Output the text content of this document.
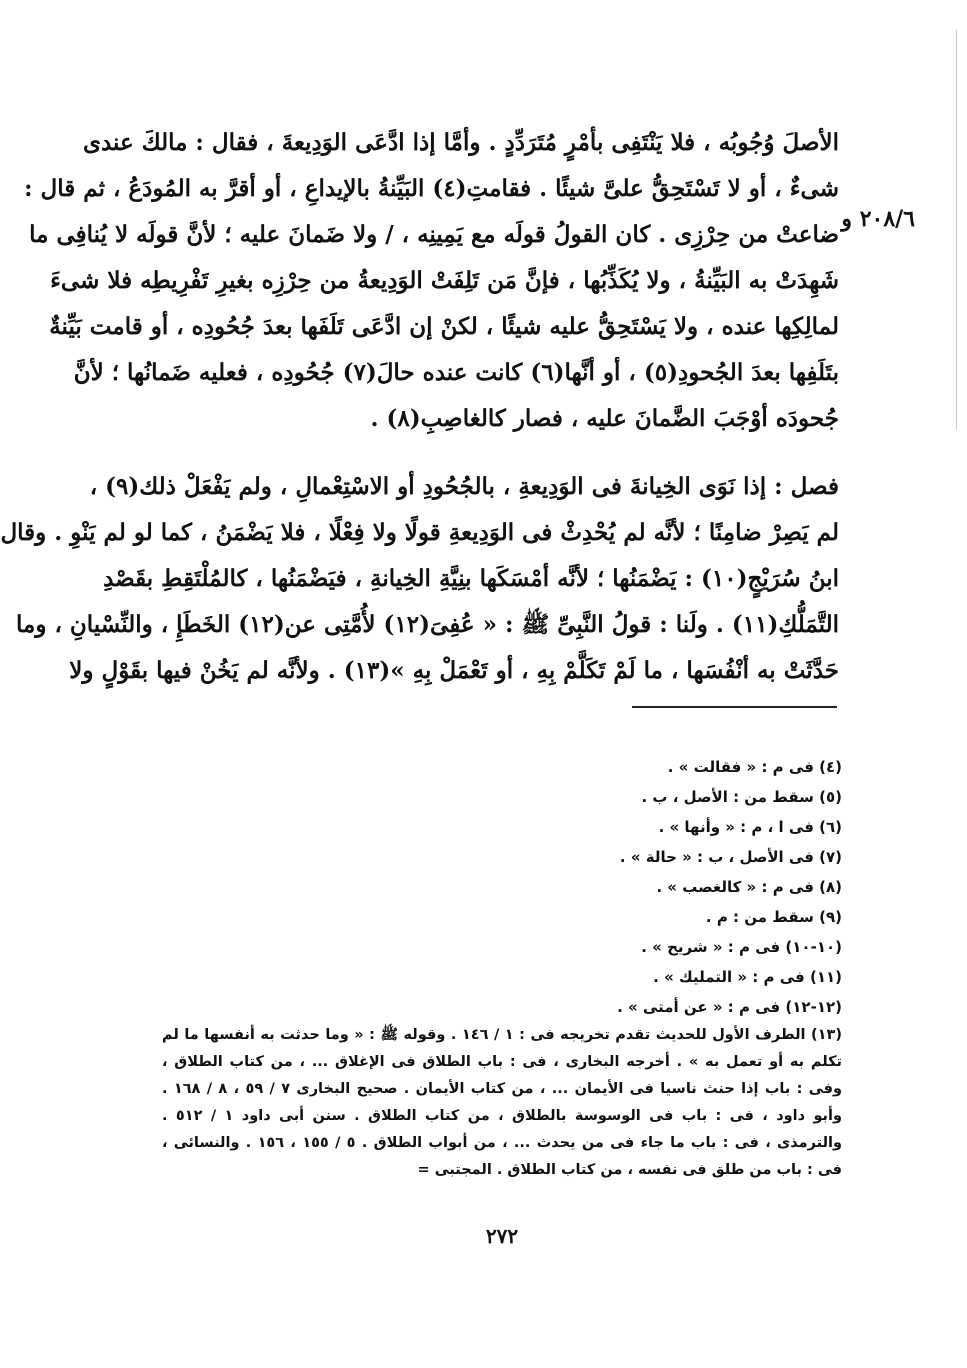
٢٠٨/٦ و
الأصلَ وُجُوبُه ، فلا يَنْتَفِى بأمْرٍ مُتَرَدِّدٍ . وأمَّا إذا ادَّعَى الوَدِيعةَ ، فقال : مالكَ عندى
شىءٌ ، أو لا تَسْتَحِقُّ علىَّ شيئًا . فقامتِ(٤) البَيِّنةُ بالإيداعِ ، أو أقرَّ به المُودَعُ ، ثم قال :
ضاعتْ من حِرْزِى . كان القولُ قولَه مع يَمِينِه ، / ولا ضَمانَ عليه ؛ لأنَّ قولَه لا يُنافِى ما
شَهِدَتْ به البَيِّنةُ ، ولا يُكَذِّبُها ، فإنَّ مَن تَلِفَتْ الوَدِيعةُ من حِرْزِه بغيرِ تَفْرِيطِه فلا شىءَ
لمالِكِها عنده ، ولا يَسْتَحِقُّ عليه شيئًا ، لكنْ إن ادَّعَى تَلَفَها بعدَ جُحُودِه ، أو قامت بَيِّنةٌ
بتَلَفِها بعدَ الجُحودِ(٥) ، أو أنَّها(٦) كانت عنده حالَ(٧) جُحُودِه ، فعليه ضَمانُها ؛ لأنَّ
جُحودَه أوْجَبَ الضَّمانَ عليه ، فصار كالغاصِبِ(٨) .
فصل : إذا نَوَى الخِيانةَ فى الوَدِيعةِ ، بالجُحُودِ أو الاسْتِعْمالِ ، ولم يَفْعَلْ ذلك(٩) ،
لم يَصِرْ ضامِنًا ؛ لأنَّه لم يُحْدِثْ فى الوَدِيعةِ قولًا ولا فِعْلًا ، فلا يَضْمَنُ ، كما لو لم يَنْوِ . وقال
ابنُ سُرَيْجٍ(١٠) : يَضْمَنُها ؛ لأنَّه أمْسَكَها بنِيَّةِ الخِيانةِ ، فيَضْمَنُها ، كالمُلْتَقِطِ بقَصْدِ
التَّمَلُّكِ(١١) . ولَنا : قولُ النَّبِىِّ ﷺ : « عُفِىَ(١٢) لأُمَّتِى عن(١٢) الخَطَإِ ، والنِّسْيانِ ، وما
حَدَّثَتْ به أنْفُسَها ، ما لَمْ تَكَلَّمْ بِهِ ، أو تَعْمَلْ بِهِ »(١٣) . ولأنَّه لم يَخُنْ فيها بقَوْلٍ ولا

(٤) فى م : « فقالت » .

(٥) سقط من : الأصل ، ب .

(٦) فى ا ، م : « وأنها » .

(٧) فى الأصل ، ب : « حالة » .

(٨) فى م : « كالغصب » .

(٩) سقط من : م .

(١٠-١٠) فى م : « شريح » .

(١١) فى م : « التمليك » .

(١٢-١٢) فى م : « عن أمتى » .

(١٣) الطرف الأول للحديث تقدم تخريجه فى : ١ / ١٤٦ . وقوله ﷺ : « وما حدثت به أنفسها ما لم تكلم به أو تعمل به » . أخرجه البخارى ، فى : باب الطلاق فى الإغلاق ... ، من كتاب الطلاق ، وفى : باب إذا حنث ناسيا فى الأيمان ... ، من كتاب الأيمان . صحيح البخارى ٧ / ٥٩ ، ٨ / ١٦٨ . وأبو داود ، فى : باب فى الوسوسة بالطلاق ، من كتاب الطلاق . سنن أبى داود ١ / ٥١٢ . والترمذى ، فى : باب ما جاء فى من يحدث ... ، من أبواب الطلاق . ٥ / ١٥٥ ، ١٥٦ . والنسائى ، فى : باب من طلق فى نفسه ، من كتاب الطلاق . المجتبى =

٢٧٢
